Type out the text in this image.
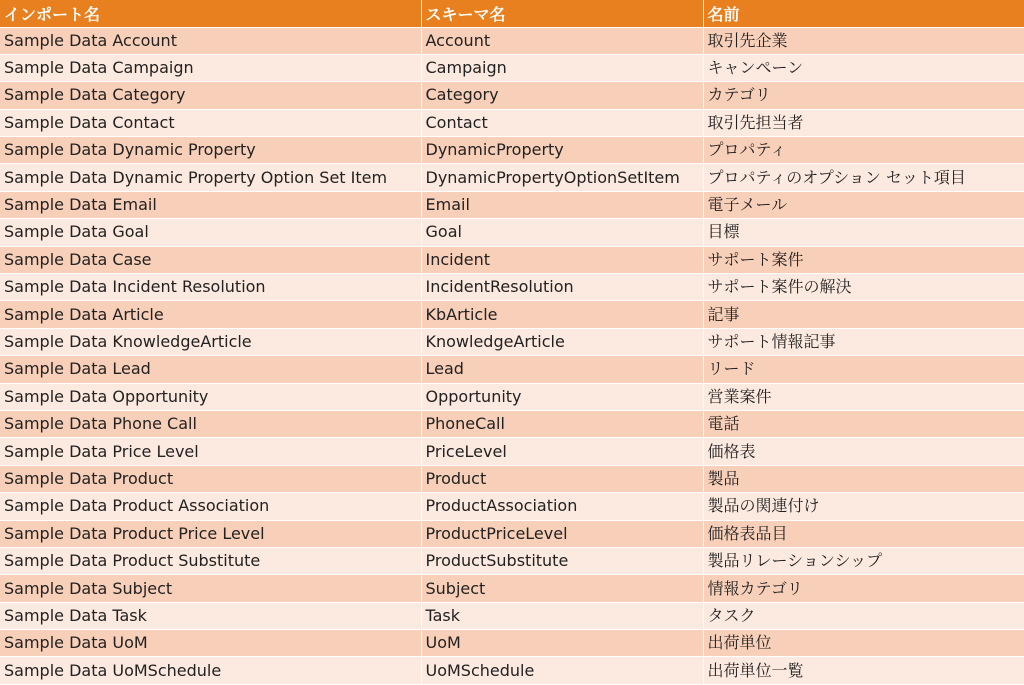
インポート名	スキーマ名	名前
Sample Data Account	Account	取引先企業
Sample Data Campaign	Campaign	キャンペーン
Sample Data Category	Category	カテゴリ
Sample Data Contact	Contact	取引先担当者
Sample Data Dynamic Property	DynamicProperty	プロパティ
Sample Data Dynamic Property Option Set Item	DynamicPropertyOptionSetItem	プロパティのオプション セット項目
Sample Data Email	Email	電子メール
Sample Data Goal	Goal	目標
Sample Data Case	Incident	サポート案件
Sample Data Incident Resolution	IncidentResolution	サポート案件の解決
Sample Data Article	KbArticle	記事
Sample Data KnowledgeArticle	KnowledgeArticle	サポート情報記事
Sample Data Lead	Lead	リード
Sample Data Opportunity	Opportunity	営業案件
Sample Data Phone Call	PhoneCall	電話
Sample Data Price Level	PriceLevel	価格表
Sample Data Product	Product	製品
Sample Data Product Association	ProductAssociation	製品の関連付け
Sample Data Product Price Level	ProductPriceLevel	価格表品目
Sample Data Product Substitute	ProductSubstitute	製品リレーションシップ
Sample Data Subject	Subject	情報カテゴリ
Sample Data Task	Task	タスク
Sample Data UoM	UoM	出荷単位
Sample Data UoMSchedule	UoMSchedule	出荷単位一覧
